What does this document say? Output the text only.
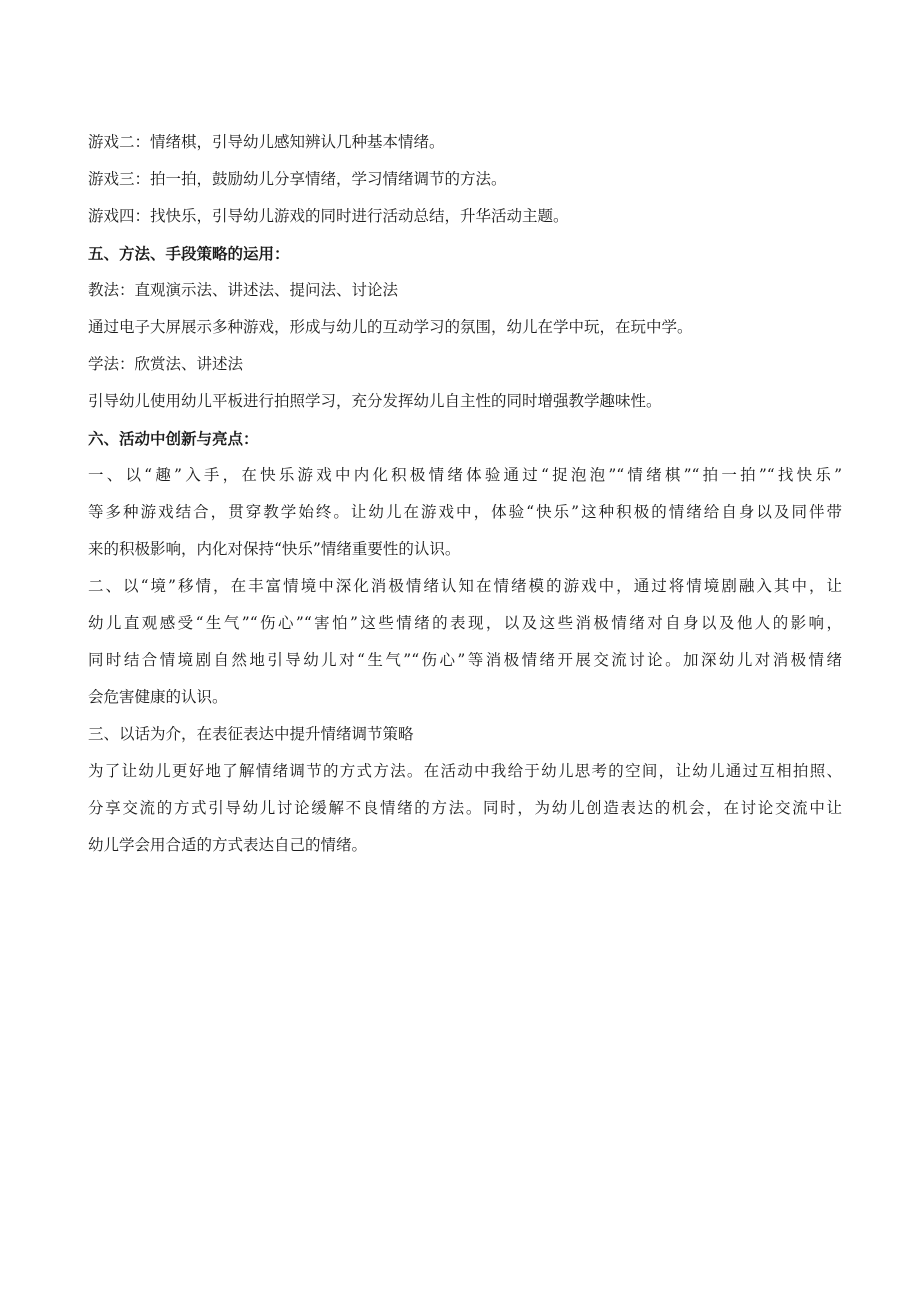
游戏二：情绪棋，引导幼儿感知辨认几种基本情绪。
游戏三：拍一拍，鼓励幼儿分享情绪，学习情绪调节的方法。
游戏四：找快乐，引导幼儿游戏的同时进行活动总结，升华活动主题。
五、方法、手段策略的运用：
教法：直观演示法、讲述法、提问法、讨论法
通过电子大屏展示多种游戏，形成与幼儿的互动学习的氛围，幼儿在学中玩，在玩中学。
学法：欣赏法、讲述法
引导幼儿使用幼儿平板进行拍照学习，充分发挥幼儿自主性的同时增强教学趣味性。
六、活动中创新与亮点：
一、以“趣”入手，在快乐游戏中内化积极情绪体验通过“捉泡泡”“情绪棋”“拍一拍”“找快乐”
等多种游戏结合，贯穿教学始终。让幼儿在游戏中，体验“快乐”这种积极的情绪给自身以及同伴带
来的积极影响，内化对保持“快乐”情绪重要性的认识。
二、以“境”移情，在丰富情境中深化消极情绪认知在情绪模的游戏中，通过将情境剧融入其中，让
幼儿直观感受“生气”“伤心”“害怕”这些情绪的表现，以及这些消极情绪对自身以及他人的影响，
同时结合情境剧自然地引导幼儿对“生气”“伤心”等消极情绪开展交流讨论。加深幼儿对消极情绪
会危害健康的认识。
三、以话为介，在表征表达中提升情绪调节策略
为了让幼儿更好地了解情绪调节的方式方法。在活动中我给于幼儿思考的空间，让幼儿通过互相拍照、
分享交流的方式引导幼儿讨论缓解不良情绪的方法。同时，为幼儿创造表达的机会，在讨论交流中让
幼儿学会用合适的方式表达自己的情绪。
